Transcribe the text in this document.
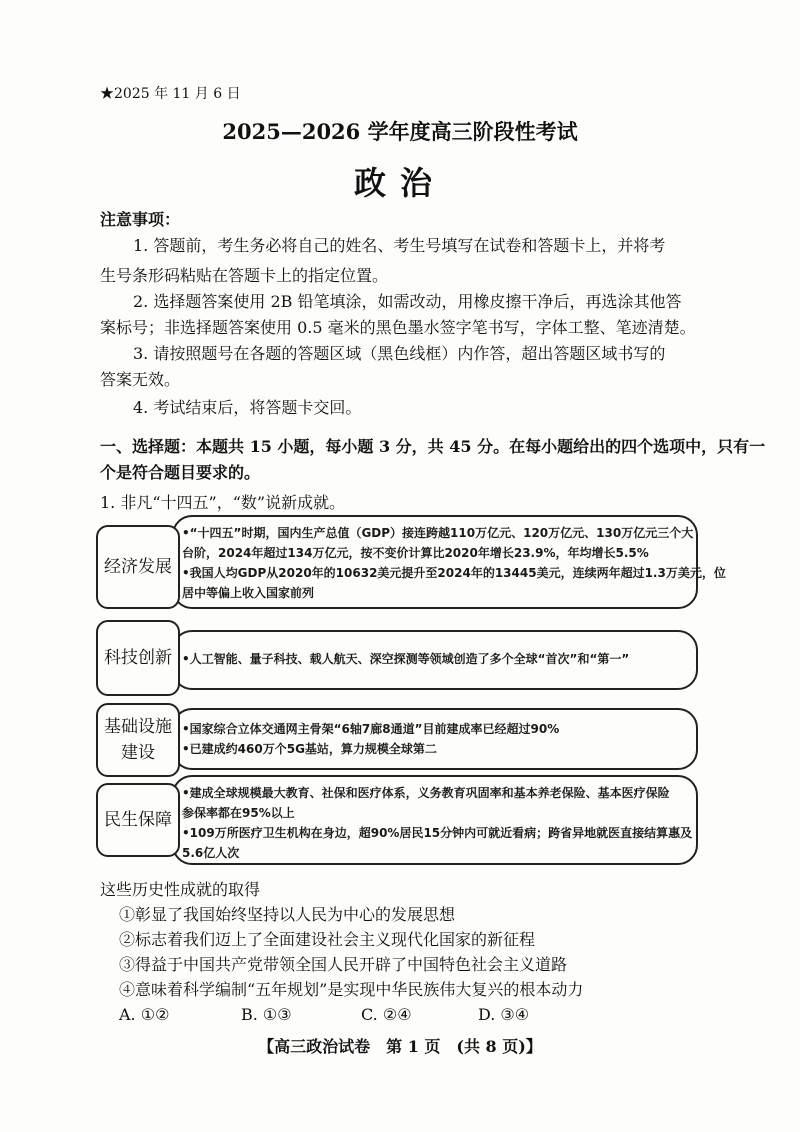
★2025 年 11 月 6 日
2025—2026 学年度高三阶段性考试
政治
注意事项：
1. 答题前，考生务必将自己的姓名、考生号填写在试卷和答题卡上，并将考
生号条形码粘贴在答题卡上的指定位置。
2. 选择题答案使用 2B 铅笔填涂，如需改动，用橡皮擦干净后，再选涂其他答
案标号；非选择题答案使用 0.5 毫米的黑色墨水签字笔书写，字体工整、笔迹清楚。
3. 请按照题号在各题的答题区域（黑色线框）内作答，超出答题区域书写的
答案无效。
4. 考试结束后，将答题卡交回。
一、选择题：本题共 15 小题，每小题 3 分，共 45 分。在每小题给出的四个选项中，只有一
个是符合题目要求的。
1. 非凡“十四五”，“数”说新成就。
•“十四五”时期，国内生产总值（GDP）接连跨越110万亿元、120万亿元、130万亿元三个大
台阶，2024年超过134万亿元，按不变价计算比2020年增长23.9%，年均增长5.5%
•我国人均GDP从2020年的10632美元提升至2024年的13445美元，连续两年超过1.3万美元，位
居中等偏上收入国家前列
经济发展
•人工智能、量子科技、载人航天、深空探测等领域创造了多个全球“首次”和“第一”
科技创新
•国家综合立体交通网主骨架“6轴7廊8通道”目前建成率已经超过90%
•已建成约460万个5G基站，算力规模全球第二
基础设施
建设
•建成全球规模最大教育、社保和医疗体系，义务教育巩固率和基本养老保险、基本医疗保险
参保率都在95%以上
•109万所医疗卫生机构在身边，超90%居民15分钟内可就近看病；跨省异地就医直接结算惠及
5.6亿人次
民生保障
这些历史性成就的取得
①彰显了我国始终坚持以人民为中心的发展思想
②标志着我们迈上了全面建设社会主义现代化国家的新征程
③得益于中国共产党带领全国人民开辟了中国特色社会主义道路
④意味着科学编制“五年规划”是实现中华民族伟大复兴的根本动力
A. ①②	B. ①③	C. ②④	D. ③④
【高三政治试卷　第 1 页　(共 8 页)】
